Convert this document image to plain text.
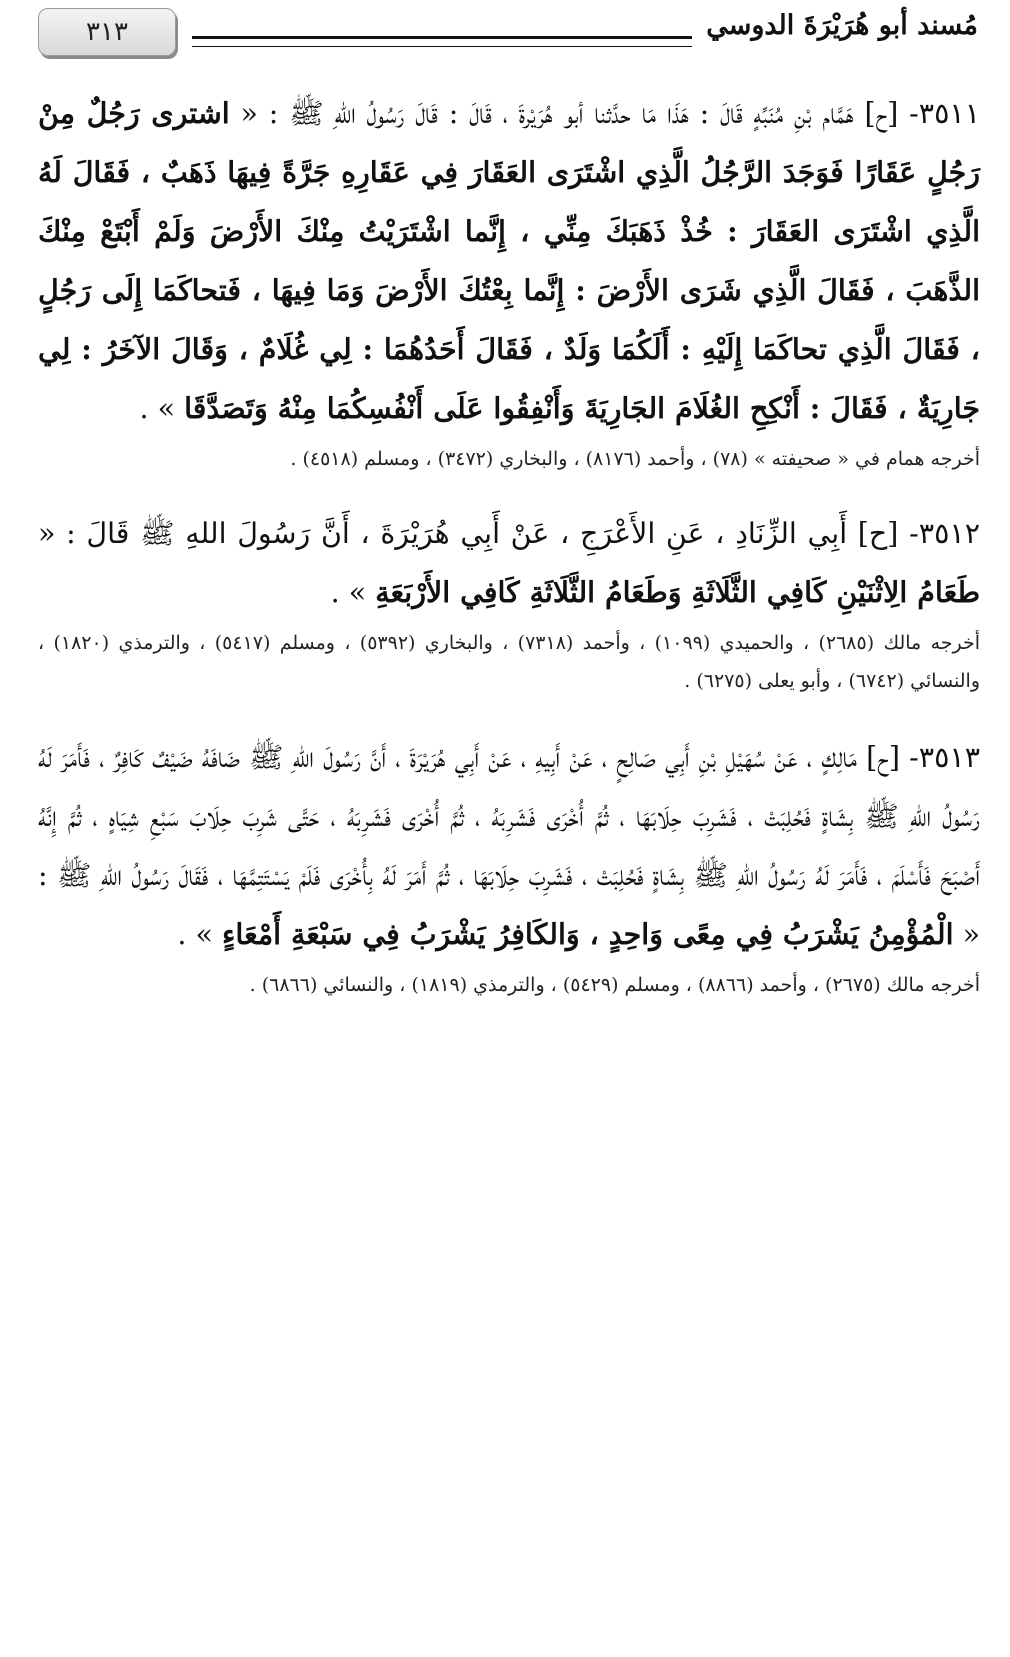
٣١٣	مُسند أبو هُرَيْرَةَ الدوسي

٣٥١١- [ح] هَمَّام بْنِ مُنَبِّهٍ قَالَ : هَذَا مَا حدَّثنا أبو هُرَيْرةَ ، قَالَ : قَالَ رَسُولُ اللهِ ﷺ : « اشترى رَجُلٌ مِنْ رَجُلٍ عَقَارًا فَوَجَدَ الرَّجُلُ الَّذِي اشْتَرَى العَقَارَ فِي عَقَارِهِ جَرَّةً فِيهَا ذَهَبٌ ، فَقَالَ لَهُ الَّذِي اشْتَرَى العَقَارَ : خُذْ ذَهَبَكَ مِنِّي ، إِنَّما اشْتَرَيْتُ مِنْكَ الأَرْضَ وَلَمْ أَبْتَعْ مِنْكَ الذَّهَبَ ، فَقَالَ الَّذِي شَرَى الأَرْضَ : إِنَّما بِعْتُكَ الأَرْضَ وَمَا فِيهَا ، فَتحاكَمَا إِلَى رَجُلٍ ، فَقَالَ الَّذِي تحاكَمَا إِلَيْهِ : أَلَكُمَا وَلَدٌ ، فَقَالَ أَحَدُهُمَا : لِي غُلَامٌ ، وَقَالَ الآخَرُ : لِي جَارِيَةٌ ، فَقَالَ : أَنْكِحِ الغُلَامَ الجَارِيَةَ وَأَنْفِقُوا عَلَى أَنْفُسِكُمَا مِنْهُ وَتَصَدَّقَا » .

أخرجه همام في « صحيفته » (٧٨) ، وأحمد (٨١٧٦) ، والبخاري (٣٤٧٢) ، ومسلم (٤٥١٨) .

٣٥١٢- [ح] أَبِي الزِّنَادِ ، عَنِ الأَعْرَجِ ، عَنْ أَبِي هُرَيْرَةَ ، أَنَّ رَسُولَ اللهِ ﷺ قَالَ : « طَعَامُ الِاثْنَيْنِ كَافِي الثَّلَاثَةِ وَطَعَامُ الثَّلَاثَةِ كَافِي الأَرْبَعَةِ » .

أخرجه مالك (٢٦٨٥) ، والحميدي (١٠٩٩) ، وأحمد (٧٣١٨) ، والبخاري (٥٣٩٢) ، ومسلم (٥٤١٧) ، والترمذي (١٨٢٠) ، والنسائي (٦٧٤٢) ، وأبو يعلى (٦٢٧٥) .

٣٥١٣- [ح] مَالِكٍ ، عَنْ سُهَيْلِ بْنِ أَبِي صَالِحٍ ، عَنْ أَبِيهِ ، عَنْ أَبِي هُرَيْرَةَ ، أَنَّ رَسُولَ اللهِ ﷺ ضَافَهُ ضَيْفٌ كَافِرٌ ، فَأَمَرَ لَهُ رَسُولُ اللهِ ﷺ بِشَاةٍ فَحُلِبَتْ ، فَشَرِبَ حِلَابَهَا ، ثُمَّ أُخْرَى فَشَرِبَهُ ، ثُمَّ أُخْرَى فَشَرِبَهُ ، حَتَّى شَرِبَ حِلَابَ سَبْعِ شِيَاهٍ ، ثُمَّ إِنَّهُ أَصْبَحَ فَأَسْلَمَ ، فَأَمَرَ لَهُ رَسُولُ اللهِ ﷺ بِشَاةٍ فَحُلِبَتْ ، فَشَرِبَ حِلَابَهَا ، ثُمَّ أَمَرَ لَهُ بِأُخْرَى فَلَمْ يَسْتَتِمَّهَا ، فَقَالَ رَسُولُ اللهِ ﷺ : « الْمُؤْمِنُ يَشْرَبُ فِي مِعًى وَاحِدٍ ، وَالكَافِرُ يَشْرَبُ فِي سَبْعَةِ أَمْعَاءٍ » .

أخرجه مالك (٢٦٧٥) ، وأحمد (٨٨٦٦) ، ومسلم (٥٤٢٩) ، والترمذي (١٨١٩) ، والنسائي (٦٨٦٦) .
